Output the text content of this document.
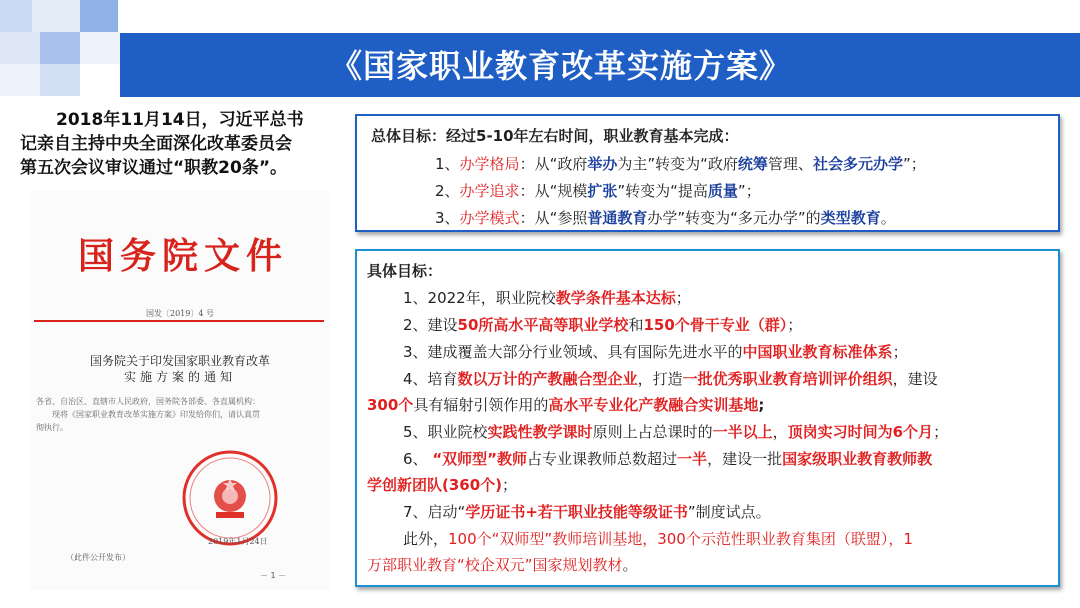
《国家职业教育改革实施方案》
2018年11月14日，习近平总书
记亲自主持中央全面深化改革委员会
第五次会议审议通过“职教20条”。
国务院文件
国发〔2019〕4 号
国务院关于印发国家职业教育改革
实施方案的通知
各省、自治区、直辖市人民政府，国务院各部委、各直属机构：
现将《国家职业教育改革实施方案》印发给你们，请认真贯
彻执行。
2019年1月24日
（此件公开发布）
－ 1 －
总体目标：经过5-10年左右时间，职业教育基本完成：
1、办学格局：从“政府举办为主”转变为“政府统筹管理、社会多元办学”；
2、办学追求：从“规模扩张”转变为“提高质量”；
3、办学模式：从“参照普通教育办学”转变为“多元办学”的类型教育。
具体目标：
1、2022年，职业院校教学条件基本达标；
2、建设50所高水平高等职业学校和150个骨干专业（群）；
3、建成覆盖大部分行业领域、具有国际先进水平的中国职业教育标准体系；
4、培育数以万计的产教融合型企业，打造一批优秀职业教育培训评价组织，建设
300个具有辐射引领作用的高水平专业化产教融合实训基地;
5、职业院校实践性教学课时原则上占总课时的一半以上，顶岗实习时间为6个月；
6、 “双师型”教师占专业课教师总数超过一半，建设一批国家级职业教育教师教
学创新团队(360个)；
7、启动“学历证书+若干职业技能等级证书”制度试点。
此外，100个“双师型”教师培训基地，300个示范性职业教育集团（联盟），1
万部职业教育“校企双元”国家规划教材。
